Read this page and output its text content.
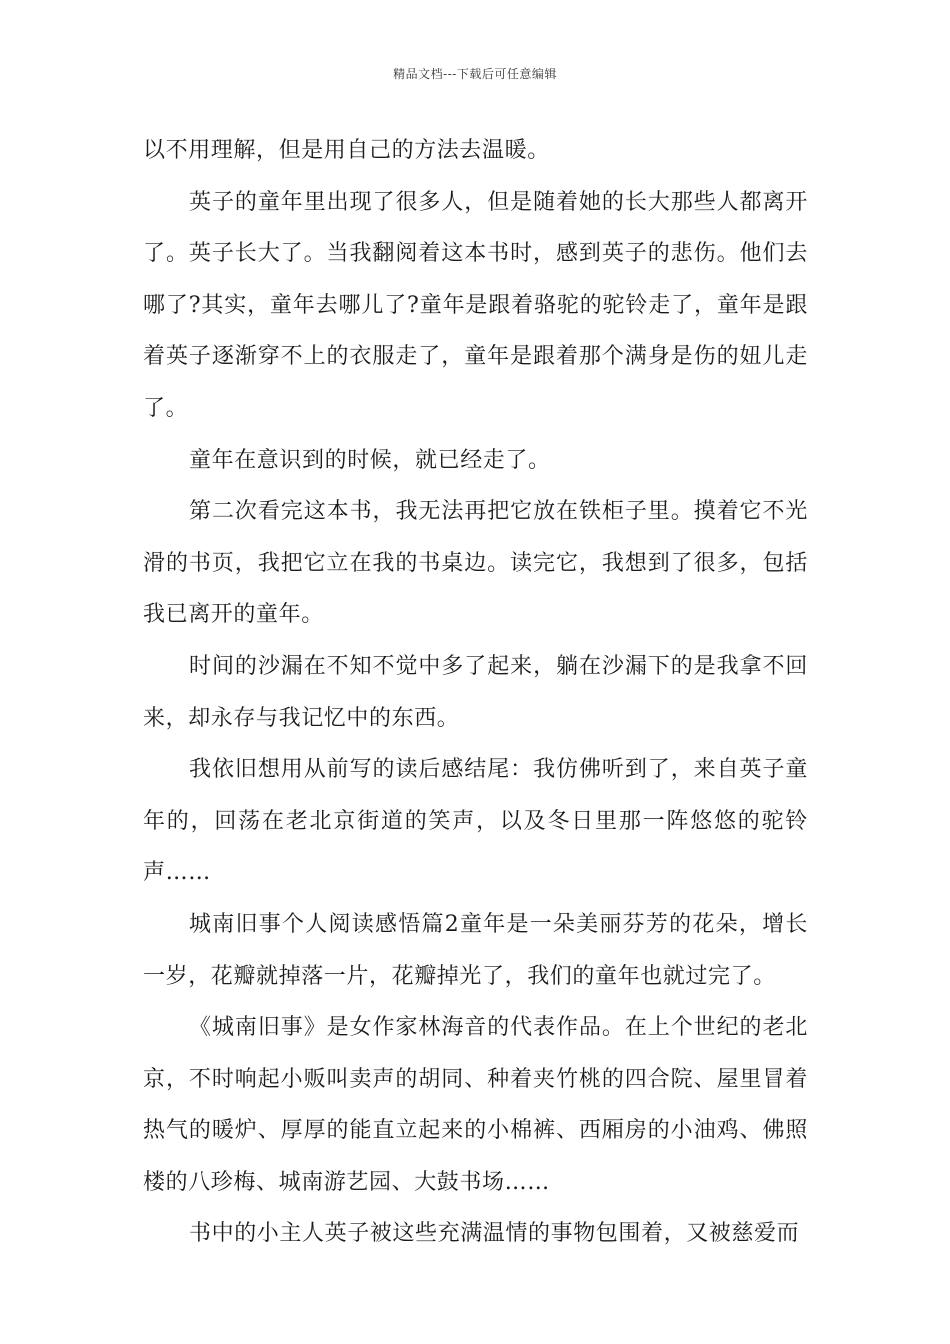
精品文档---下载后可任意编辑

以不用理解，但是用自己的方法去温暖。

英子的童年里出现了很多人，但是随着她的长大那些人都离开了。英子长大了。当我翻阅着这本书时，感到英子的悲伤。他们去哪了?其实，童年去哪儿了?童年是跟着骆驼的驼铃走了，童年是跟着英子逐渐穿不上的衣服走了，童年是跟着那个满身是伤的妞儿走了。

童年在意识到的时候，就已经走了。

第二次看完这本书，我无法再把它放在铁柜子里。摸着它不光滑的书页，我把它立在我的书桌边。读完它，我想到了很多，包括我已离开的童年。

时间的沙漏在不知不觉中多了起来，躺在沙漏下的是我拿不回来，却永存与我记忆中的东西。

我依旧想用从前写的读后感结尾：我仿佛听到了，来自英子童年的，回荡在老北京街道的笑声，以及冬日里那一阵悠悠的驼铃声……

城南旧事个人阅读感悟篇2童年是一朵美丽芬芳的花朵，增长一岁，花瓣就掉落一片，花瓣掉光了，我们的童年也就过完了。

《城南旧事》是女作家林海音的代表作品。在上个世纪的老北京，不时响起小贩叫卖声的胡同、种着夹竹桃的四合院、屋里冒着热气的暖炉、厚厚的能直立起来的小棉裤、西厢房的小油鸡、佛照楼的八珍梅、城南游艺园、大鼓书场……

书中的小主人英子被这些充满温情的事物包围着，又被慈爱而
